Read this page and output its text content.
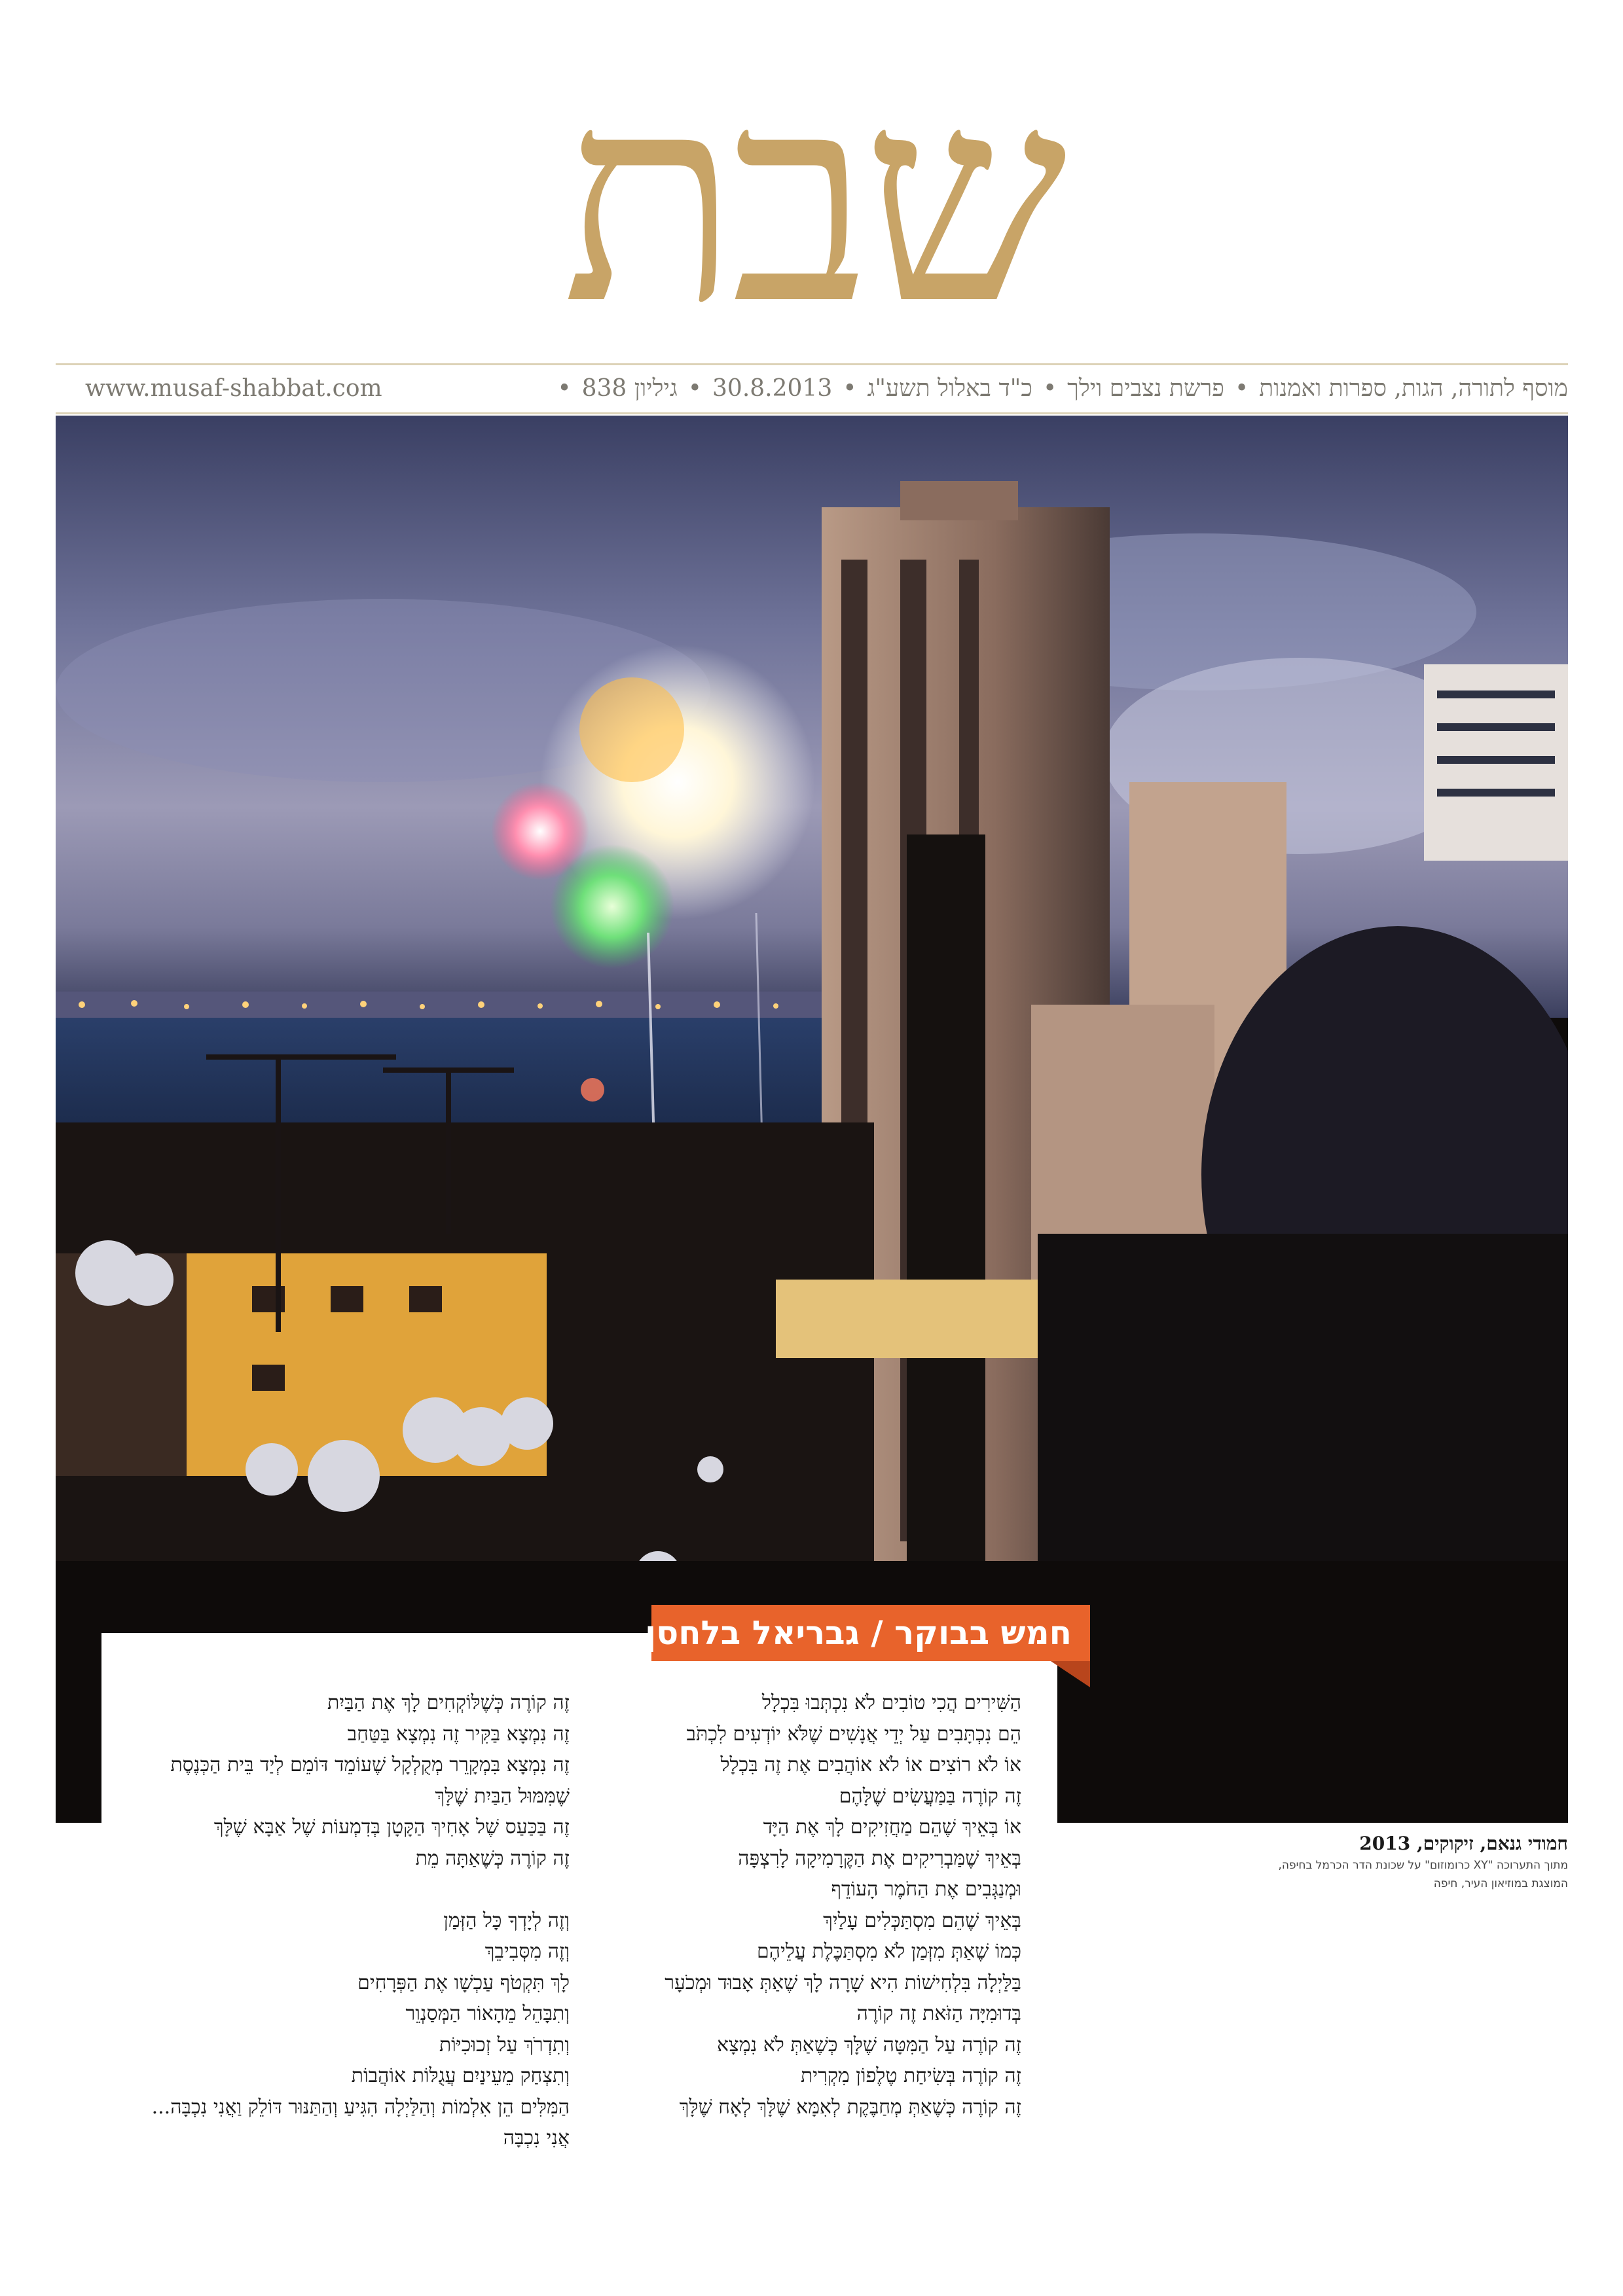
שבת
מוסף לתורה, הגות, ספרות ואמנות•פרשת נצבים וילך•כ"ד באלול תשע"ג•30.8.2013•גיליון 838•
www.musaf-shabbat.com
חמש בבוקר / גבריאל בלחסן
הַשִּׁירִים הֲכִי טוֹבִים לֹא נִכְתְּבוּ בִּכְלָל
הֵם נִכְתָּבִים עַל יְדֵי אֲנָשִׁים שֶׁלֹּא יוֹדְעִים לִכְתֹּב
אוֹ לֹא רוֹצִים אוֹ לֹא אוֹהֲבִים אֶת זֶה בִּכְלָל
זֶה קוֹרֶה בַּמַּעֲשִׂים שֶׁלָּהֶם
אוֹ בְּאֵיךְ שֶׁהֵם מַחֲזִיקִים לָךְ אֶת הַיָּד
בְּאֵיךְ שֶׁמַּבְרִיקִים אֶת הַקֶּרָמִיקָה לָרִצְפָּה
וּמְנַגְּבִים אֶת הַחֹמֶר הָעוֹדֵף
בְּאֵיךְ שֶׁהֵם מִסְתַּכְּלִים עָלַיִךְ
כְּמוֹ שֶׁאַתְּ מִזְּמַן לֹא מִסְתַּכֶּלֶת עֲלֵיהֶם
בַּלַּיְלָה בִּלְחִישׁוֹת הִיא שָׁרָה לָךְ שֶׁאַתְּ אָבוּד וּמְכֹעָר
בְּדוּמִיָּה הַזֹּאת זֶה קוֹרֶה
זֶה קוֹרֶה עַל הַמִּטָּה שֶׁלָּךְ כְּשֶׁאַתְּ לֹא נִמְצָא
זֶה קוֹרֶה בְּשִׂיחַת טֶלֶפוֹן מִקְרִית
זֶה קוֹרֶה כְּשֶׁאַתְּ מְחַבֶּקֶת לְאִמָּא שֶׁלָּךְ לְאָח שֶׁלָּךְ
זֶה קוֹרֶה כְּשֶׁלּוֹקְחִים לָךְ אֶת הַבַּיִת
זֶה נִמְצָא בַּקִּיר זֶה נִמְצָא בַּטַּחַב
זֶה נִמְצָא בִּמְקָרֵר מְקֻלְקָל שֶׁעוֹמֵד דּוֹמֵם לְיַד בֵּית הַכְּנֶסֶת
שֶׁמִּמּוּל הַבַּיִת שֶׁלָּךְ
זֶה בַּכַּעַס שֶׁל אָחִיךְ הַקָּטָן בְּדִמְעוֹת שֶׁל אַבָּא שֶׁלָּךְ
זֶה קוֹרֶה כְּשֶׁאַתָּה מֵת
וְזֶה לְיָדְךָ כָּל הַזְּמַן
וְזֶה מִסְּבִיבֵךְ
לָךְ תִּקְטֹף עַכְשָׁו אֶת הַפְּרָחִים
וְתִבָּהֵל מֵהָאוֹר הַמְּסַנְוֵר
וְתִדְרֹךְ עַל זְכוּכִיּוֹת
וְתִצְחַק מֵעֵינַיִם עֲגֻלּוֹת אוֹהֲבוֹת
הַמִּלִּים הֵן אִלְמוֹת וְהַלַּיְלָה הִגִּיעַ וְהַתַּנּוּר דּוֹלֵק וַאֲנִי נִכְבָּה...
אֲנִי נִכְבָּה
חמודי גנאם, זיקוקים, 2013
מתוך התערוכה "XY כרומוזום" על שכונת הדר הכרמל בחיפה,
המוצגת במוזיאון העיר, חיפה
